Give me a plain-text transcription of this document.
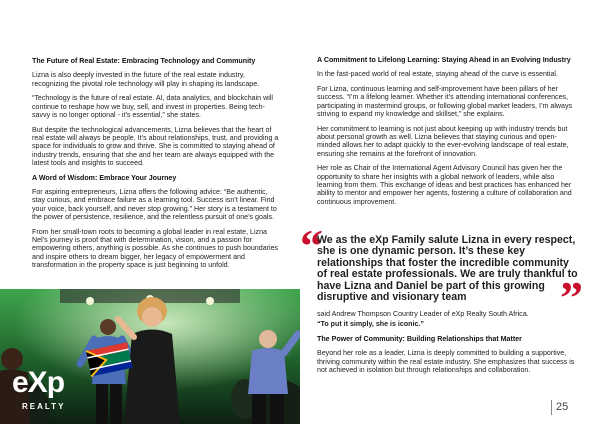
The Future of Real Estate: Embracing Technology and Community

Lizna is also deeply invested in the future of the real estate industry, recognizing the pivotal role technology will play in shaping its landscape.

“Technology is the future of real estate. AI, data analytics, and blockchain will continue to reshape how we buy, sell, and invest in properties. Being tech-savvy is no longer optional - it’s essential,” she states.

But despite the technological advancements, Lizna believes that the heart of real estate will always be people. It’s about relationships, trust, and providing a space for individuals to grow and thrive. She is committed to staying ahead of industry trends, ensuring that she and her team are always equipped with the latest tools and insights to succeed.

A Word of Wisdom: Embrace Your Journey

For aspiring entrepreneurs, Lizna offers the following advice: “Be authentic, stay curious, and embrace failure as a learning tool. Success isn’t linear. Find your voice, back yourself, and never stop growing.” Her story is a testament to the power of persistence, resilience, and the relentless pursuit of one’s goals.

From her small-town roots to becoming a global leader in real estate, Lizna Nel’s journey is proof that with determination, vision, and a passion for empowering others, anything is possible. As she continues to push boundaries and inspire others to dream bigger, her legacy of empowerment and transformation in the property space is just beginning to unfold.

A Commitment to Lifelong Learning: Staying Ahead in an Evolving Industry

In the fast-paced world of real estate, staying ahead of the curve is essential.

For Lizna, continuous learning and self-improvement have been pillars of her success. “I’m a lifelong learner. Whether it’s attending international conferences, participating in mastermind groups, or following global market leaders, I’m always striving to expand my knowledge and skillset,” she explains.

Her commitment to learning is not just about keeping up with industry trends but about personal growth as well. Lizna believes that staying curious and open-minded allows her to adapt quickly to the ever-evolving landscape of real estate, ensuring she remains at the forefront of innovation.

Her role as Chair of the International Agent Advisory Council has given her the opportunity to share her insights with a global network of leaders, while also learning from them. This exchange of ideas and best practices has enhanced her ability to mentor and empower her agents, fostering a culture of collaboration and continuous improvement.

“

We as the eXp Family salute Lizna in every respect, she is one dynamic person. It’s these key relationships that foster the incredible community of real estate professionals. We are truly thankful to have Lizna and Daniel be part of this growing disruptive and visionary team	”

said Andrew Thompson Country Leader of eXp Realty South Africa.

“To put it simply, she is iconic.”

The Power of Community: Building Relationships that Matter

Beyond her role as a leader, Lizna is deeply committed to building a supportive, thriving community within the real estate industry. She emphasizes that success is not achieved in isolation but through relationships and collaboration.

eXp
REALTY	25
